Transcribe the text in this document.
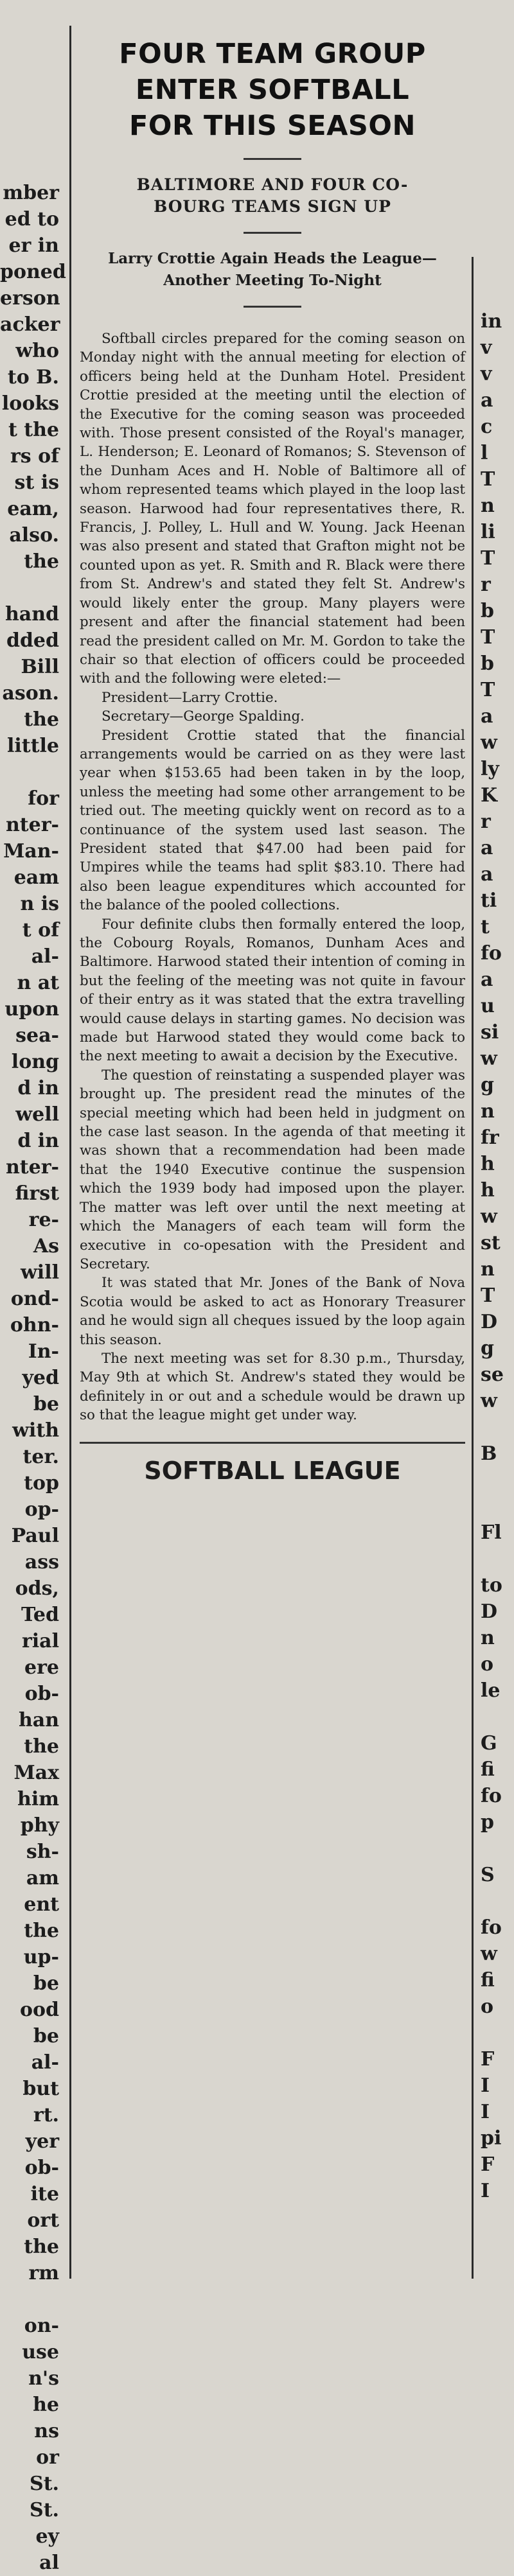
mber
ed to
er in
poned
erson
acker
who
to B.
looks
t the
rs of
st is
eam,
also.
the

hand
dded
Bill
ason.
the
little

for
nter-
Man-
eam
n is
t of
al-
n at
upon
sea-
long
d in
well
d in
nter-
first
re-
As
will
ond-
ohn-
In-
yed
be
with
ter.
top
op-
Paul
ass
ods,
Ted
rial
ere
ob-
han
the
Max
him
phy
sh-
am
ent
the
up-
be
ood
be
al-
but
rt.
yer
ob-
ite
ort
the
rm

on-
use
n's
he
ns
or
St.
St.
ey
al
FOUR TEAM GROUP
ENTER SOFTBALL
FOR THIS SEASON
BALTIMORE AND FOUR CO-BOURG TEAMS SIGN UP
Larry Crottie Again Heads the League—Another Meeting To-Night

Softball circles prepared for the coming season on Monday night with the annual meeting for election of officers being held at the Dunham Hotel. President Crottie presided at the meeting until the election of the Executive for the coming season was proceeded with. Those present consisted of the Royal's manager, L. Henderson; E. Leonard of Romanos; S. Stevenson of the Dunham Aces and H. Noble of Baltimore all of whom represented teams which played in the loop last season. Harwood had four representatives there, R. Francis, J. Polley, L. Hull and W. Young. Jack Heenan was also present and stated that Grafton might not be counted upon as yet. R. Smith and R. Black were there from St. Andrew's and stated they felt St. Andrew's would likely enter the group. Many players were present and after the financial statement had been read the president called on Mr. M. Gordon to take the chair so that election of officers could be proceeded with and the following were eleted:—

President—Larry Crottie.

Secretary—George Spalding.

President Crottie stated that the financial arrangements would be carried on as they were last year when $153.65 had been taken in by the loop, unless the meeting had some other arrangement to be tried out. The meeting quickly went on record as to a continuance of the system used last season. The President stated that $47.00 had been paid for Umpires while the teams had split $83.10. There had also been league expenditures which accounted for the balance of the pooled collections.

Four definite clubs then formally entered the loop, the Cobourg Royals, Romanos, Dunham Aces and Baltimore. Harwood stated their intention of coming in but the feeling of the meeting was not quite in favour of their entry as it was stated that the extra travelling would cause delays in starting games. No decision was made but Harwood stated they would come back to the next meeting to await a decision by the Executive.

The question of reinstating a suspended player was brought up. The president read the minutes of the special meeting which had been held in judgment on the case last season. In the agenda of that meeting it was shown that a recommendation had been made that the 1940 Executive continue the suspension which the 1939 body had imposed upon the player. The matter was left over until the next meeting at which the Managers of each team will form the executive in co-opesation with the President and Secretary.

It was stated that Mr. Jones of the Bank of Nova Scotia would be asked to act as Honorary Treasurer and he would sign all cheques issued by the loop again this season.

The next meeting was set for 8.30 p.m., Thursday, May 9th at which St. Andrew's stated they would be definitely in or out and a schedule would be drawn up so that the league might get under way.

SOFTBALL LEAGUE
in
v
v
a
c
l
T
n
li
T
r
b
T
b
T
a
w
ly
K
r
a
a
ti
t
fo
a
u
si
w
g
n
fr
h
h
w
st
n
T
D
g
se
w

B

Fl

to
D
n
o
le

G
fi
fo
p

S

fo
w
fi
o

F
I
I
pi
F
I
